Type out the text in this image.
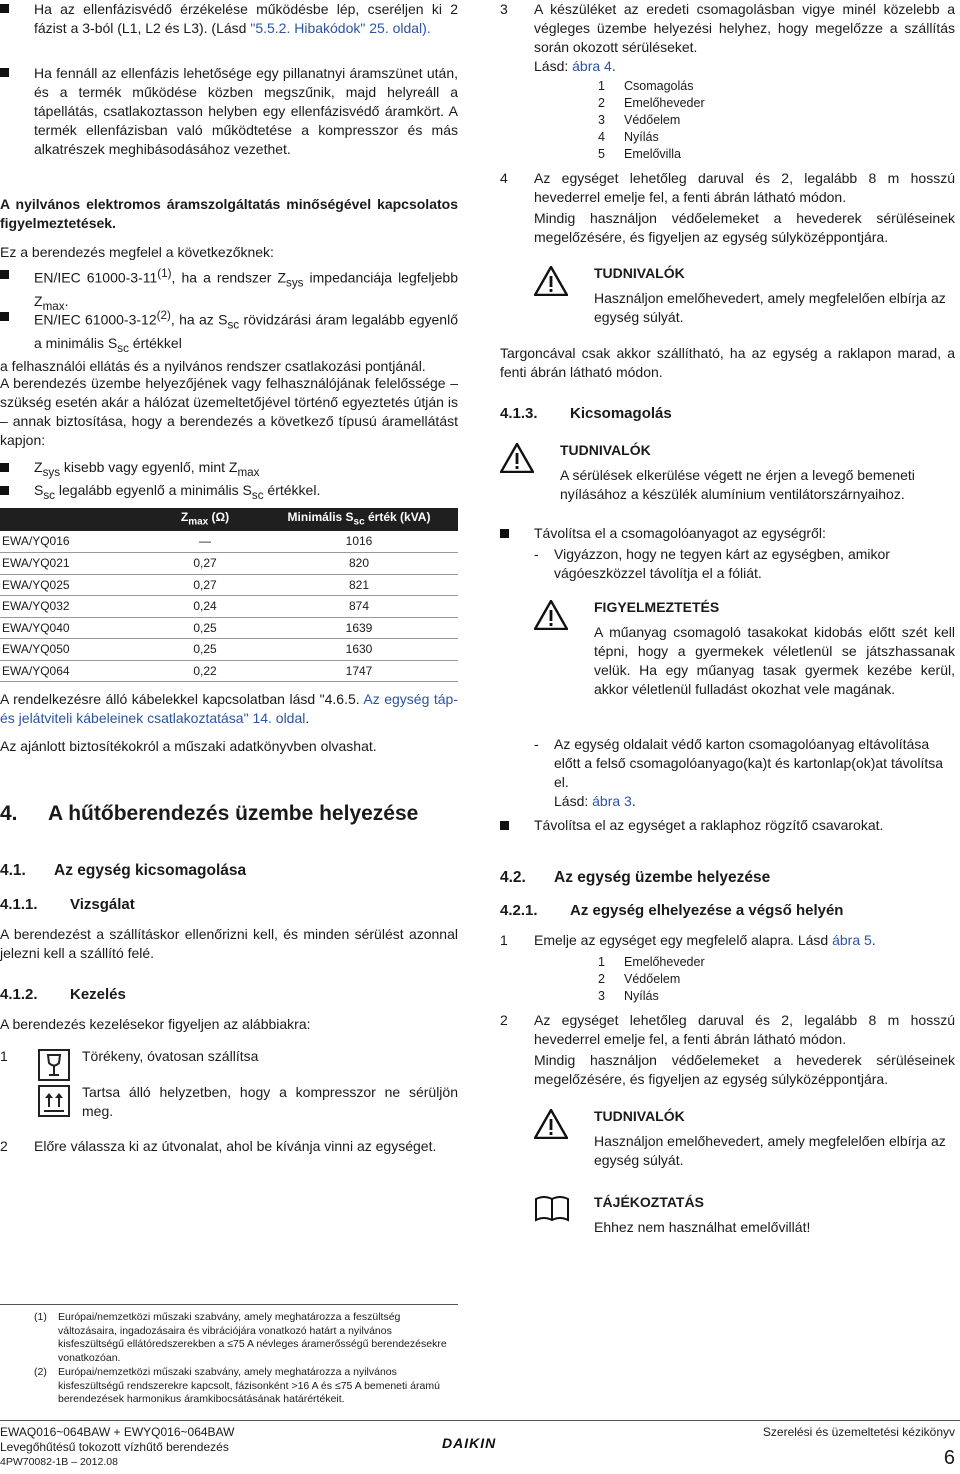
Ha az ellenfázisvédő érzékelése működésbe lép, cseréljen ki 2 fázist a 3-ból (L1, L2 és L3). (Lásd "5.5.2. Hibakódok" 25. oldal).
Ha fennáll az ellenfázis lehetősége egy pillanatnyi áramszünet után, és a termék működése közben megszűnik, majd helyreáll a tápellátás, csatlakoztasson helyben egy ellenfázisvédő áramkört. A termék ellenfázisban való működtetése a kompresszor és más alkatrészek meghibásodásához vezethet.

A nyilvános elektromos áramszolgáltatás minőségével kapcsolatos figyelmeztetések.

Ez a berendezés megfelel a következőknek:

EN/IEC 61000-3-11$^{(1)}$, ha a rendszer $Z_{sys}$ impedanciája legfeljebb $Z_{max}$.
EN/IEC 61000-3-12$^{(2)}$, ha az $S_{sc}$ rövidzárási áram legalább egyenlő a minimális $S_{sc}$ értékkel

a felhasználói ellátás és a nyilvános rendszer csatlakozási pontjánál.

A berendezés üzembe helyezőjének vagy felhasználójának felelőssége – szükség esetén akár a hálózat üzemeltetőjével történő egyeztetés útján is – annak biztosítása, hogy a berendezés a következő típusú áramellátást kapjon:

$Z_{sys}$ kisebb vagy egyenlő, mint $Z_{max}$
$S_{sc}$ legalább egyenlő a minimális $S_{sc}$ értékkel.
	$Z_{max}$ (Ω)	Minimális $S_{sc}$ érték (kVA)
EWA/YQ016	—	1016
EWA/YQ021	0,27	820
EWA/YQ025	0,27	821
EWA/YQ032	0,24	874
EWA/YQ040	0,25	1639
EWA/YQ050	0,25	1630
EWA/YQ064	0,22	1747

A rendelkezésre álló kábelekkel kapcsolatban lásd "4.6.5. Az egység táp- és jelátviteli kábeleinek csatlakoztatása" 14. oldal.

Az ajánlott biztosítékokról a műszaki adatkönyvben olvashat.

4.	A hűtőberendezés üzembe helyezése
4.1.	Az egység kicsomagolása
4.1.1.	Vizsgálat

A berendezést a szállításkor ellenőrizni kell, és minden sérülést azonnal jelezni kell a szállító felé.

4.1.2.	Kezelés

A berendezés kezelésekor figyeljen az alábbiakra:

1	Törékeny, óvatosan szállítsa

Tartsa álló helyzetben, hogy a kompresszor ne sérüljön meg.

2 Előre válassza ki az útvonalat, ahol be kívánja vinni az egységet.
3 A készüléket az eredeti csomagolásban vigye minél közelebb a végleges üzembe helyezési helyhez, hogy megelőzze a szállítás során okozott sérüléseket.
Lásd: ábra 4.
1	Csomagolás
2	Emelőheveder
3	Védőelem
4	Nyílás
5	Emelővilla
4 Az egységet lehetőleg daruval és 2, legalább 8 m hosszú hevederrel emelje fel, a fenti ábrán látható módon.

Mindig használjon védőelemeket a hevederek sérüléseinek megelőzésére, és figyeljen az egység súlyközéppontjára.

TUDNIVALÓK

Használjon emelőhevedert, amely megfelelően elbírja az egység súlyát.

Targoncával csak akkor szállítható, ha az egység a raklapon marad, a fenti ábrán látható módon.

4.1.3.	Kicsomagolás

TUDNIVALÓK

A sérülések elkerülése végett ne érjen a levegő bemeneti nyílásához a készülék alumínium ventilátorszárnyaihoz.

Távolítsa el a csomagolóanyagot az egységről:

- Vigyázzon, hogy ne tegyen kárt az egységben, amikor vágóeszközzel távolítja el a fóliát.

FIGYELMEZTETÉS

A műanyag csomagoló tasakokat kidobás előtt szét kell tépni, hogy a gyermekek véletlenül se játszhassanak velük. Ha egy műanyag tasak gyermek kezébe kerül, akkor véletlenül fulladást okozhat vele magának.

- Az egység oldalait védő karton csomagolóanyag eltávolítása előtt a felső csomagolóanyago(ka)t és kartonlap(ok)at távolítsa el.
Lásd: ábra 3.
Távolítsa el az egységet a raklaphoz rögzítő csavarokat.
4.2.	Az egység üzembe helyezése
4.2.1.	Az egység elhelyezése a végső helyén
1 Emelje az egységet egy megfelelő alapra. Lásd ábra 5.
1	Emelőheveder
2	Védőelem
3	Nyílás
2 Az egységet lehetőleg daruval és 2, legalább 8 m hosszú hevederrel emelje fel, a fenti ábrán látható módon.

Mindig használjon védőelemeket a hevederek sérüléseinek megelőzésére, és figyeljen az egység súlyközéppontjára.

TUDNIVALÓK

Használjon emelőhevedert, amely megfelelően elbírja az egység súlyát.

TÁJÉKOZTATÁS

Ehhez nem használhat emelővillát!

(1)	Európai/nemzetközi műszaki szabvány, amely meghatározza a feszültség változásaira, ingadozásaira és vibrációjára vonatkozó határt a nyilvános kisfeszültségű ellátóredszerekben a ≤75 A névleges áramerősségű berendezésekre vonatkozóan.
(2)	Európai/nemzetközi műszaki szabvány, amely meghatározza a nyilvános kisfeszültségű rendszerekre kapcsolt, fázisonként >16 A és ≤75 A bemeneti áramú berendezések harmonikus áramkibocsátásának határértékeit.
EWAQ016~064BAW + EWYQ016~064BAW
Levegőhűtésű tokozott vízhűtő berendezés
4PW70082-1B – 2012.08
DAIKIN
Szerelési és üzemeltetési kézikönyv
6
